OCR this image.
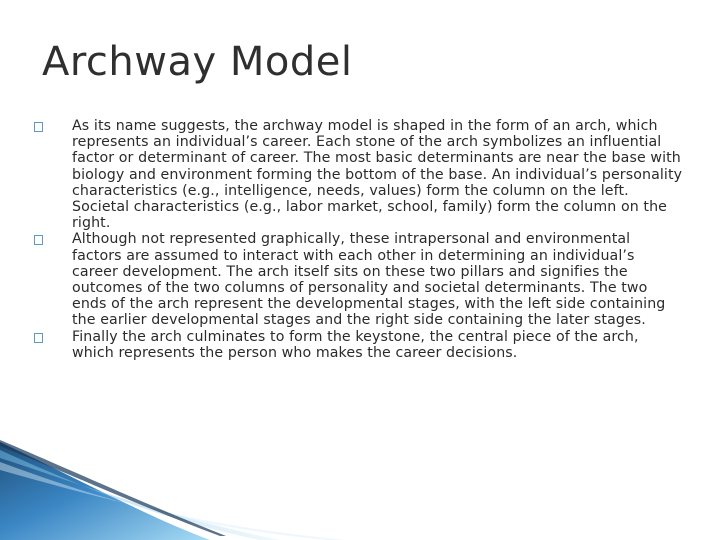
Archway Model
As its name suggests, the archway model is shaped in the form of an arch, which represents an individual’s career. Each stone of the arch symbolizes an influential factor or determinant of career. The most basic determinants are near the base with biology and environment forming the bottom of the base. An individual’s personality characteristics (e.g., intelligence, needs, values) form the column on the left. Societal characteristics (e.g., labor market, school, family) form the column on the right.
Although not represented graphically, these intrapersonal and environmental factors are assumed to interact with each other in determining an individual’s career development. The arch itself sits on these two pillars and signifies the outcomes of the two columns of personality and societal determinants. The two ends of the arch represent the developmental stages, with the left side containing the earlier developmental stages and the right side containing the later stages.
Finally the arch culminates to form the keystone, the central piece of the arch, which represents the person who makes the career decisions.
